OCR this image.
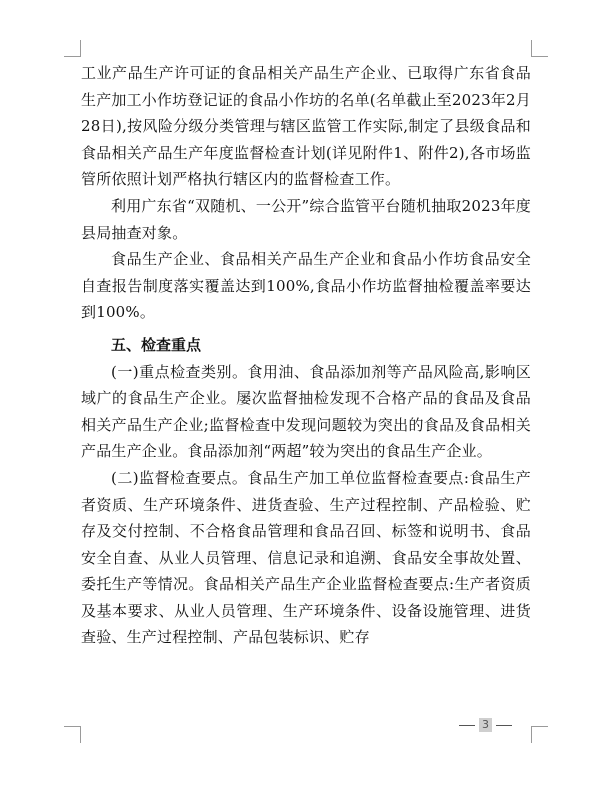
工业产品生产许可证的食品相关产品生产企业、已取得广东省食品生产加工小作坊登记证的食品小作坊的名单(名单截止至2023年2月28日),按风险分级分类管理与辖区监管工作实际,制定了县级食品和食品相关产品生产年度监督检查计划(详见附件1、附件2),各市场监管所依照计划严格执行辖区内的监督检查工作。

利用广东省“双随机、一公开”综合监管平台随机抽取2023年度县局抽查对象。

食品生产企业、食品相关产品生产企业和食品小作坊食品安全自查报告制度落实覆盖达到100%,食品小作坊监督抽检覆盖率要达到100%。

五、检查重点

(一)重点检查类别。食用油、食品添加剂等产品风险高,影响区域广的食品生产企业。屡次监督抽检发现不合格产品的食品及食品相关产品生产企业;监督检查中发现问题较为突出的食品及食品相关产品生产企业。食品添加剂“两超”较为突出的食品生产企业。

(二)监督检查要点。食品生产加工单位监督检查要点:食品生产者资质、生产环境条件、进货查验、生产过程控制、产品检验、贮存及交付控制、不合格食品管理和食品召回、标签和说明书、食品安全自查、从业人员管理、信息记录和追溯、食品安全事故处置、委托生产等情况。食品相关产品生产企业监督检查要点:生产者资质及基本要求、从业人员管理、生产环境条件、设备设施管理、进货查验、生产过程控制、产品包装标识、贮存

3
